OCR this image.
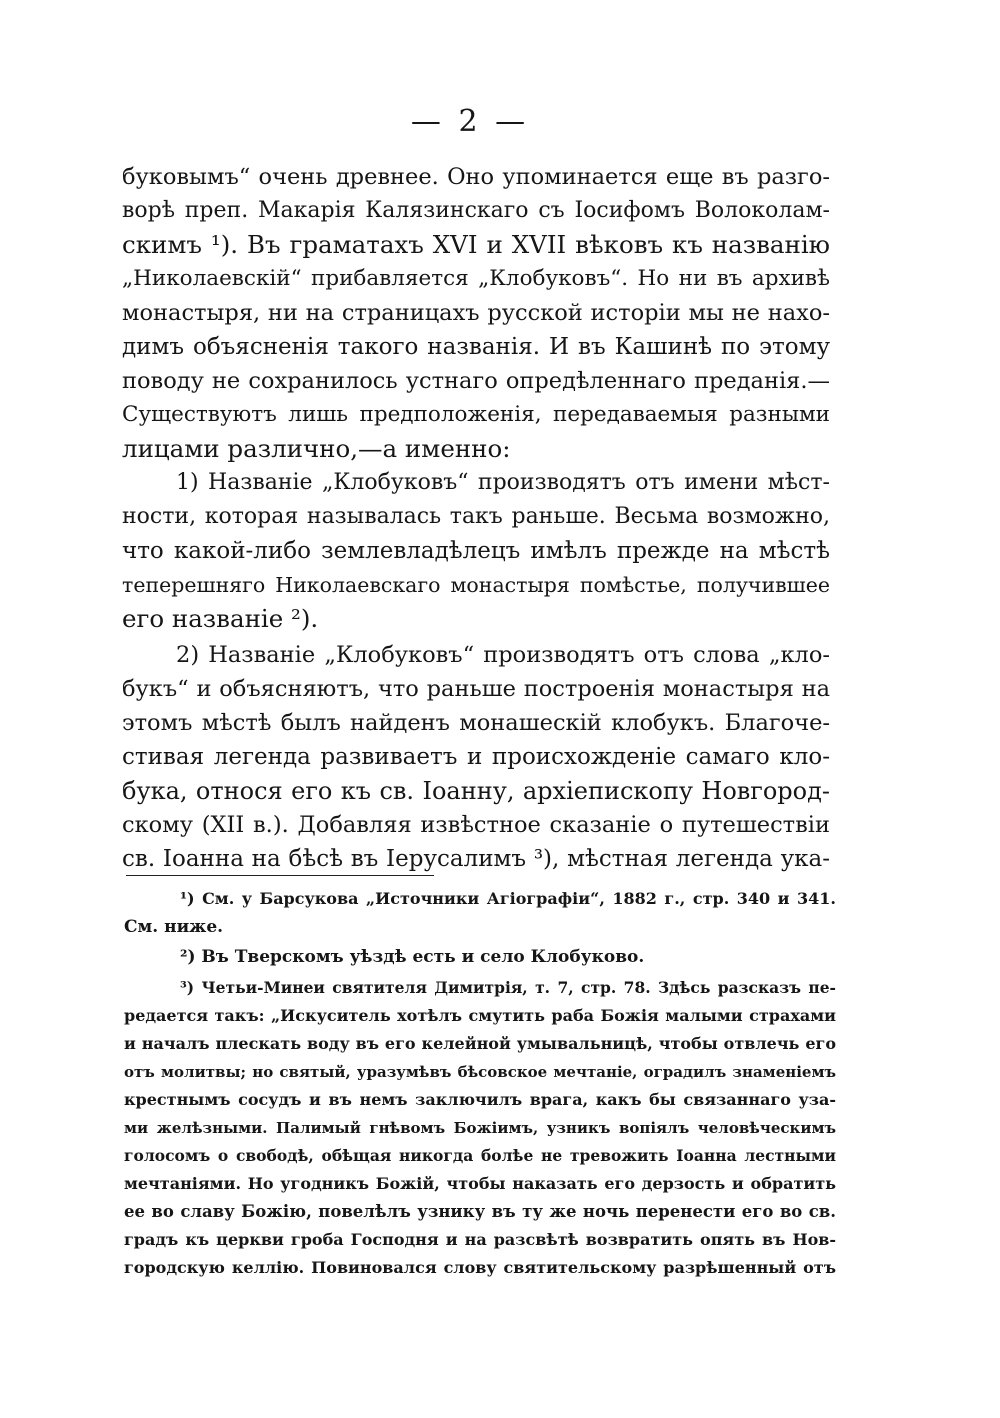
— 2 —
буковымъ“ очень древнее. Оно упоминается еще въ разго-
ворѣ преп. Макарія Калязинскаго съ Іосифомъ Волоколам-
скимъ ¹). Въ граматахъ XVI и XVII вѣковъ къ названію
„Николаевскій“ прибавляется „Клобуковъ“. Но ни въ архивѣ
монастыря, ни на страницахъ русской исторіи мы не нахо-
димъ объясненія такого названія. И въ Кашинѣ по этому
поводу не сохранилось устнаго опредѣленнаго преданія.—
Существуютъ лишь предположенія, передаваемыя разными
лицами различно,—а именно:
1) Названіе „Клобуковъ“ производятъ отъ имени мѣст-
ности, которая называлась такъ раньше. Весьма возможно,
что какой-либо землевладѣлецъ имѣлъ прежде на мѣстѣ
теперешняго Николаевскаго монастыря помѣстье, получившее
его названіе ²).
2) Названіе „Клобуковъ“ производятъ отъ слова „кло-
букъ“ и объясняютъ, что раньше построенія монастыря на
этомъ мѣстѣ былъ найденъ монашескій клобукъ. Благоче-
стивая легенда развиваетъ и происхожденіе самаго кло-
бука, относя его къ св. Іоанну, архіепископу Новгород-
скому (XII в.). Добавляя извѣстное сказаніе о путешествіи
св. Іоанна на бѣсѣ въ Іерусалимъ ³), мѣстная легенда ука-
¹) См. у Барсукова „Источники Агіографіи“, 1882 г., стр. 340 и 341.
См. ниже.
²) Въ Тверскомъ уѣздѣ есть и село Клобуково.
³) Четьи-Минеи святителя Димитрія, т. 7, стр. 78. Здѣсь разсказъ пе-
редается такъ: „Искуситель хотѣлъ смутить раба Божія малыми страхами
и началъ плескать воду въ его келейной умывальницѣ, чтобы отвлечь его
отъ молитвы; но святый, уразумѣвъ бѣсовское мечтаніе, оградилъ знаменіемъ
крестнымъ сосудъ и въ немъ заключилъ врага, какъ бы связаннаго уза-
ми желѣзными. Палимый гнѣвомъ Божіимъ, узникъ вопіялъ человѣческимъ
голосомъ о свободѣ, обѣщая никогда болѣе не тревожить Іоанна лестными
мечтаніями. Но угодникъ Божій, чтобы наказать его дерзость и обратить
ее во славу Божію, повелѣлъ узнику въ ту же ночь перенести его во св.
градъ къ церкви гроба Господня и на разсвѣтѣ возвратить опять въ Нов-
городскую келлію. Повиновался слову святительскому разрѣшенный отъ
